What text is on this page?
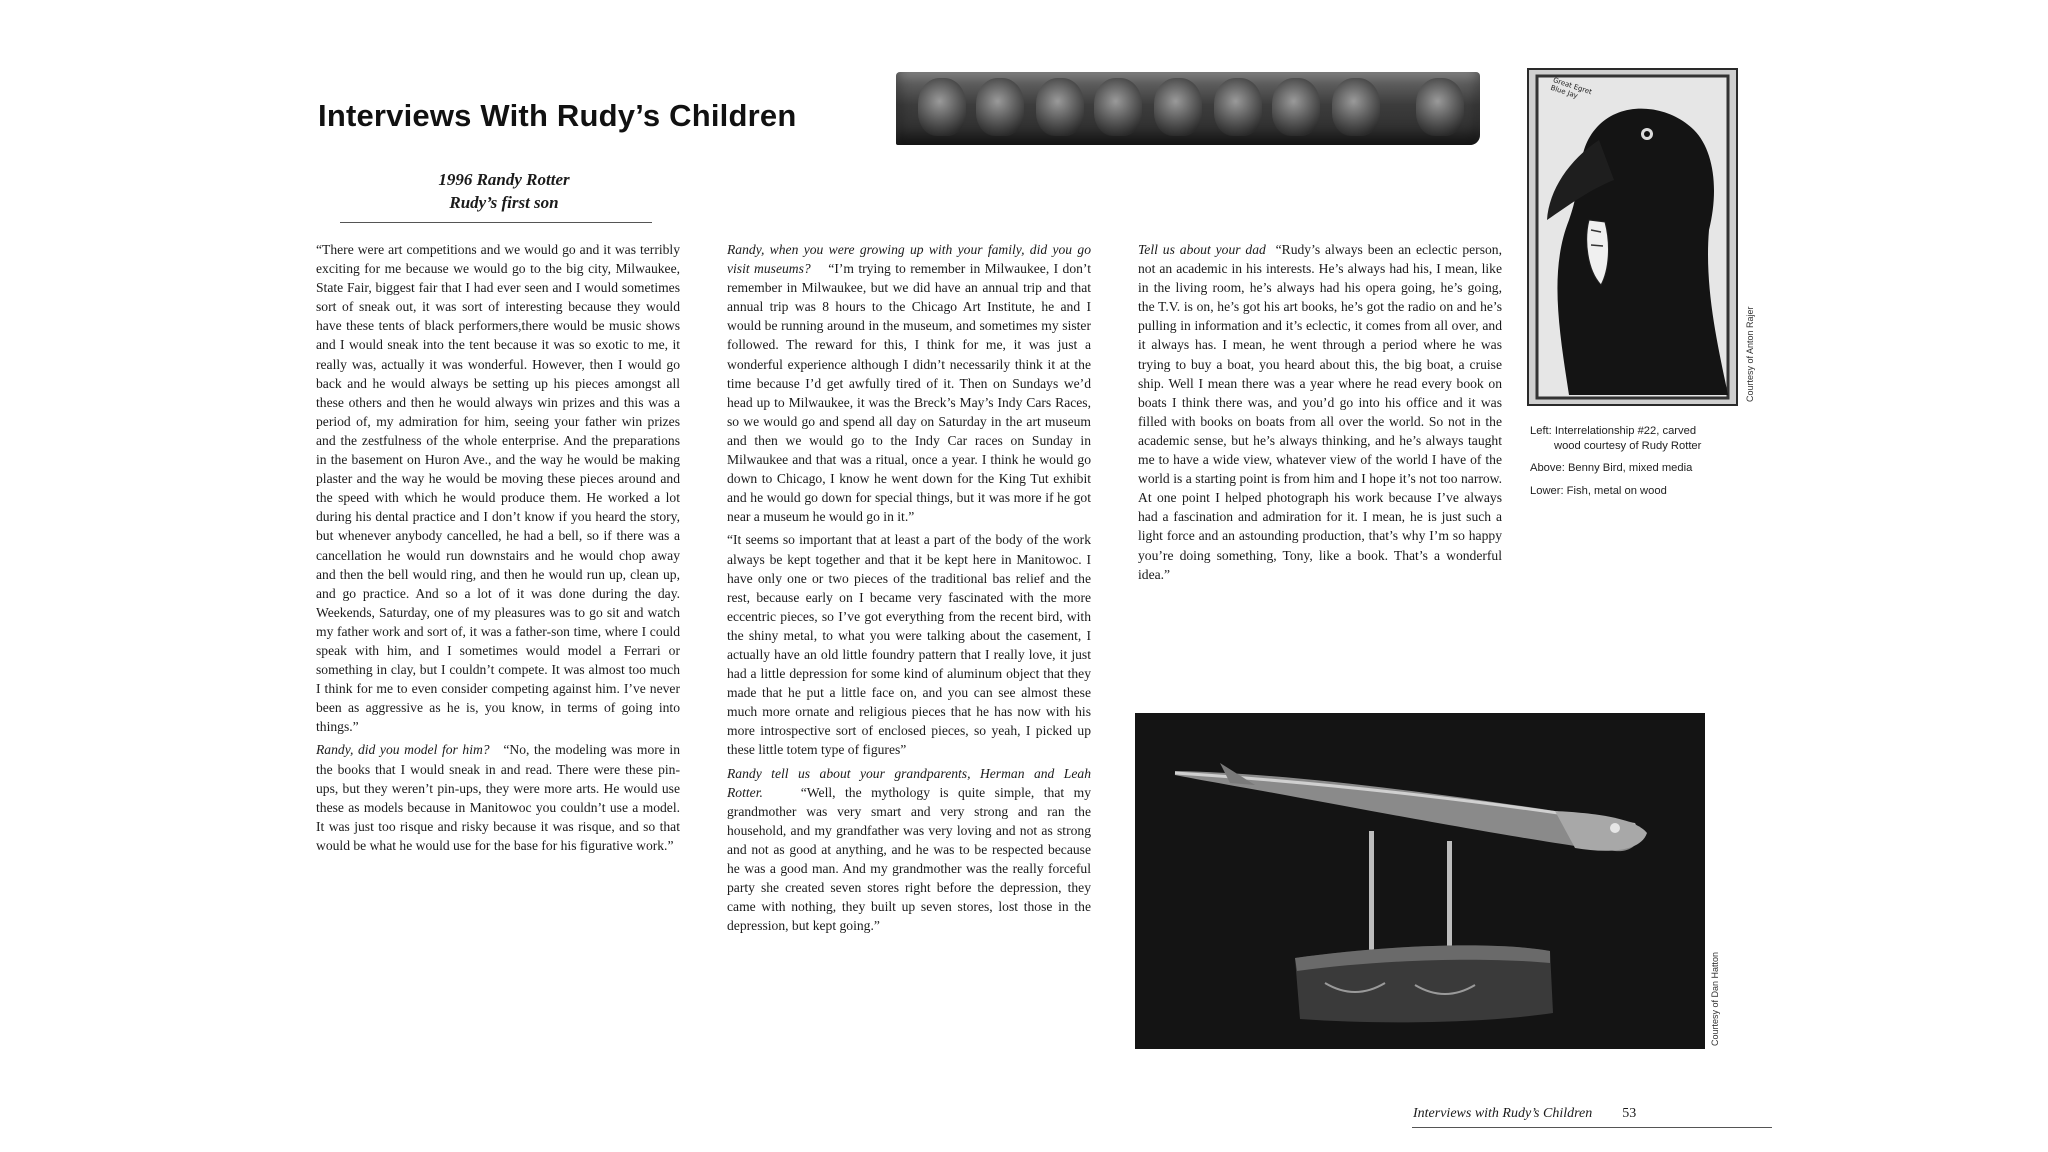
Interviews With Rudy’s Children
1996 Randy Rotter
Rudy’s first son

“There were art competitions and we would go and it was terribly exciting for me because we would go to the big city, Milwaukee, State Fair, biggest fair that I had ever seen and I would sometimes sort of sneak out, it was sort of interesting because they would have these tents of black performers,there would be music shows and I would sneak into the tent because it was so exotic to me, it really was, actually it was wonderful. However, then I would go back and he would always be setting up his pieces amongst all these others and then he would always win prizes and this was a period of, my admiration for him, seeing your father win prizes and the zestfulness of the whole enterprise. And the preparations in the basement on Huron Ave., and the way he would be making plaster and the way he would be moving these pieces around and the speed with which he would produce them. He worked a lot during his dental practice and I don’t know if you heard the story, but whenever anybody cancelled, he had a bell, so if there was a cancellation he would run downstairs and he would chop away and then the bell would ring, and then he would run up, clean up, and go practice. And so a lot of it was done during the day. Weekends, Saturday, one of my pleasures was to go sit and watch my father work and sort of, it was a father-son time, where I could speak with him, and I sometimes would model a Ferrari or something in clay, but I couldn’t compete. It was almost too much I think for me to even consider competing against him. I’ve never been as aggressive as he is, you know, in terms of going into things.”

Randy, did you model for him? “No, the modeling was more in the books that I would sneak in and read. There were these pin-ups, but they weren’t pin-ups, they were more arts. He would use these as models because in Manitowoc you couldn’t use a model. It was just too risque and risky because it was risque, and so that would be what he would use for the base for his figurative work.”

Randy, when you were growing up with your family, did you go visit museums? “I’m trying to remember in Milwaukee, I don’t remember in Milwaukee, but we did have an annual trip and that annual trip was 8 hours to the Chicago Art Institute, he and I would be running around in the museum, and sometimes my sister followed. The reward for this, I think for me, it was just a wonderful experience although I didn’t necessarily think it at the time because I’d get awfully tired of it. Then on Sundays we’d head up to Milwaukee, it was the Breck’s May’s Indy Cars Races, so we would go and spend all day on Saturday in the art museum and then we would go to the Indy Car races on Sunday in Milwaukee and that was a ritual, once a year. I think he would go down to Chicago, I know he went down for the King Tut exhibit and he would go down for special things, but it was more if he got near a museum he would go in it.”

“It seems so important that at least a part of the body of the work always be kept together and that it be kept here in Manitowoc. I have only one or two pieces of the traditional bas relief and the rest, because early on I became very fascinated with the more eccentric pieces, so I’ve got everything from the recent bird, with the shiny metal, to what you were talking about the casement, I actually have an old little foundry pattern that I really love, it just had a little depression for some kind of aluminum object that they made that he put a little face on, and you can see almost these much more ornate and religious pieces that he has now with his more introspective sort of enclosed pieces, so yeah, I picked up these little totem type of figures”

Randy tell us about your grandparents, Herman and Leah Rotter.	“Well, the mythology is quite simple, that my grandmother was very smart and very strong and ran the household, and my grandfather was very loving and not as strong and not as good at anything, and he was to be respected because he was a good man. And my grandmother was the really forceful party she created seven stores right before the depression, they came with nothing, they built up seven stores, lost those in the depression, but kept going.”

Tell us about your dad “Rudy’s always been an eclectic person, not an academic in his interests. He’s always had his, I mean, like in the living room, he’s always had his opera going, he’s going, the T.V. is on, he’s got his art books, he’s got the radio on and he’s pulling in information and it’s eclectic, it comes from all over, and it always has. I mean, he went through a period where he was trying to buy a boat, you heard about this, the big boat, a cruise ship. Well I mean there was a year where he read every book on boats I think there was, and you’d go into his office and it was filled with books on boats from all over the world. So not in the academic sense, but he’s always thinking, and he’s always taught me to have a wide view, whatever view of the world I have of the world is a starting point is from him and I hope it’s not too narrow. At one point I helped photograph his work because I’ve always had a fascination and admiration for it. I mean, he is just such a light force and an astounding production, that’s why I’m so happy you’re doing something, Tony, like a book. That’s a wonderful idea.”

Great Egret
Blue Jay
Courtesy of Anton Rajer
Left: Interrelationship #22, carved
wood courtesy of Rudy Rotter
Above: Benny Bird, mixed media
Lower: Fish, metal on wood
Courtesy of Dan Hatton
Interviews with Rudy’s Children 53
